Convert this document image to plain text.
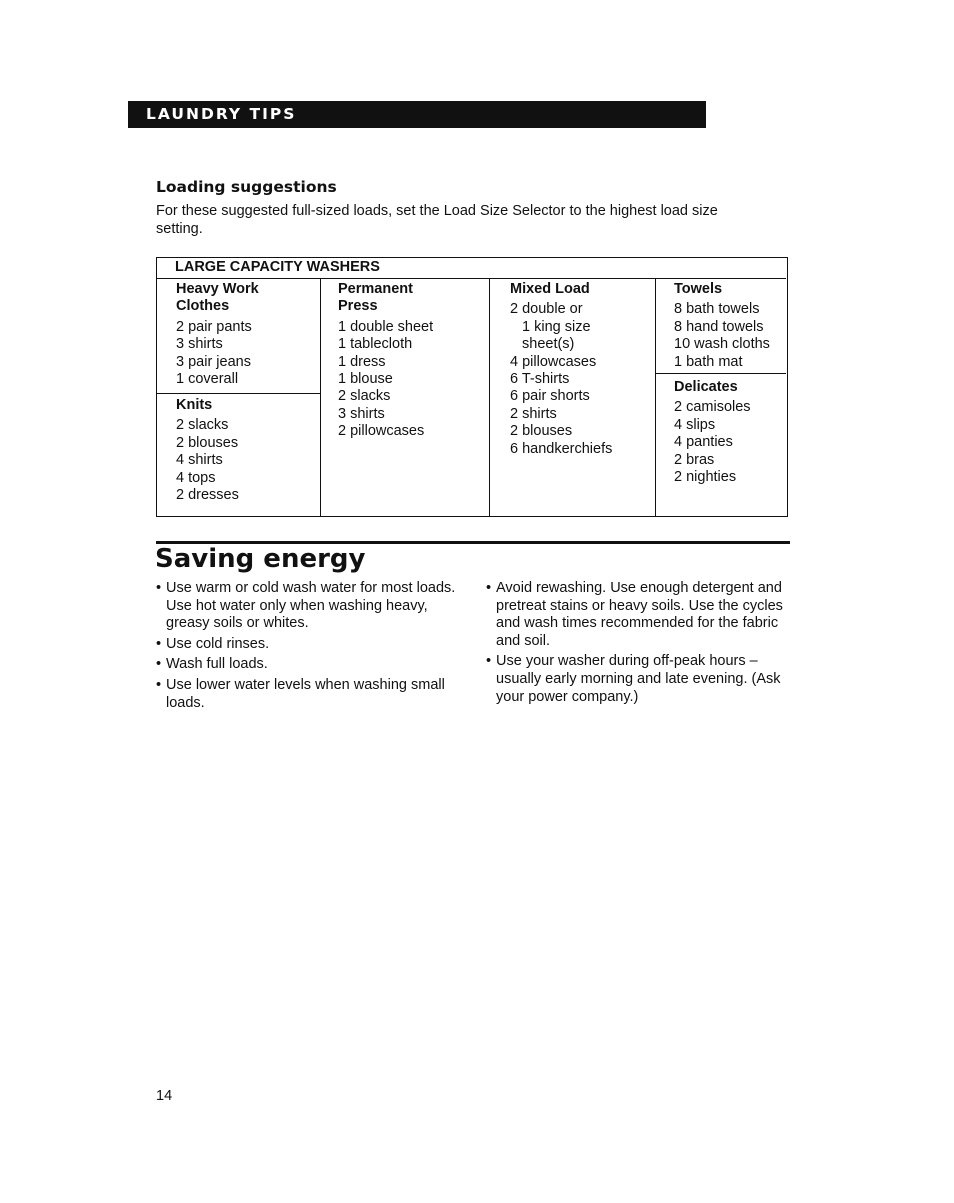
LAUNDRY TIPS
Loading suggestions

For these suggested full-sized loads, set the Load Size Selector to the highest load size setting.

LARGE CAPACITY WASHERS
Heavy Work
Clothes
2 pair pants
3 shirts
3 pair jeans
1 coverall
Knits
2 slacks
2 blouses
4 shirts
4 tops
2 dresses
Permanent
Press
1 double sheet
1 tablecloth
1 dress
1 blouse
2 slacks
3 shirts
2 pillowcases
Mixed Load
2 double or
1 king size
sheet(s)
4 pillowcases
6 T-shirts
6 pair shorts
2 shirts
2 blouses
6 handkerchiefs
Towels
8 bath towels
8 hand towels
10 wash cloths
1 bath mat
Delicates
2 camisoles
4 slips
4 panties
2 bras
2 nighties
Saving energy
• Use warm or cold wash water for most loads. Use hot water only when washing heavy, greasy soils or whites.
• Use cold rinses.
• Wash full loads.
• Use lower water levels when washing small loads.
• Avoid rewashing. Use enough detergent and pretreat stains or heavy soils. Use the cycles and wash times recommended for the fabric and soil.
• Use your washer during off-peak hours – usually early morning and late evening. (Ask your power company.)
14
